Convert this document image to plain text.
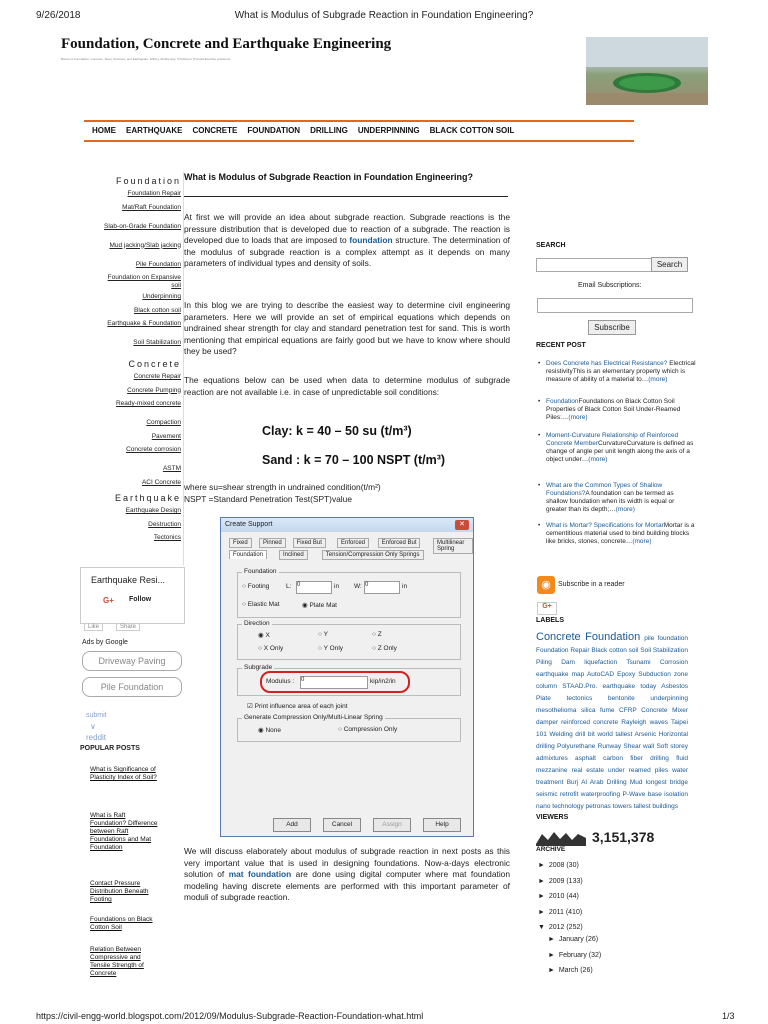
9/26/2018	What is Modulus of Subgrade Reaction in Foundation Engineering?
Foundation, Concrete and Earthquake Engineering
Basics of Foundation, Concrete, Steel, Structure, and Earthquake, Drilling, Mobile App, STAAD.pro (Tutorial Exercise problems)
HOME EARTHQUAKE CONCRETE FOUNDATION DRILLING UNDERPINNING BLACK COTTON SOIL
Foundation
Foundation Repair
Mat/Raft Foundation
Slab-on-Grade Foundation
Mud jacking/Slab jacking
Pile Foundation
Foundation on Expansive soil
Underpinning
Black cotton soil
Earthquake & Foundation
Soil Stabilization
Concrete
Concrete Repair
Concrete Pumping
Ready-mixed concrete
Compaction
Pavement
Concrete corrosion
ASTM
ACI Concrete
Earthquake
Earthquake Design
Destruction
Tectonics
Earthquake Resi...
G+ Follow
Like	Share
Ads by Google
Driveway Paving
Pile Foundation
submit
∨
reddit
POPULAR POSTS
What is Significance of Plasticity Index of Soil?
What is Raft Foundation? Difference between Raft Foundations and Mat Foundation
Contact Pressure Distribution Beneath Footing
Foundations on Black Cotton Soil
Relation Between Compressive and Tensile Strength of Concrete
What is Modulus of Subgrade Reaction in Foundation Engineering?
At first we will provide an idea about subgrade reaction. Subgrade reactions is the pressure distribution that is developed due to reaction of a subgrade. The reaction is developed due to loads that are imposed to foundation structure. The determination of the modulus of subgrade reaction is a complex attempt as it depends on many parameters of individual types and density of soils.
In this blog we are trying to describe the easiest way to determine civil engineering parameters. Here we will provide an set of empirical equations which depends on undrained shear strength for clay and standard penetration test for sand. This is worth mentioning that empirical equations are fairly good but we have to know where should they be used?
The equations below can be used when data to determine modulus of subgrade reaction are not available i.e. in case of unpredictable soil conditions:
Clay: k = 40 – 50 su (t/m³)
Sand : k = 70 – 100 NSPT (t/m³)
where su=shear strength in undrained condition(t/m²)
NSPT =Standard Penetration Test(SPT)value
Create Support	✕
Fixed	Pinned	Fixed But	Enforced	Enforced But	Multilinear Spring
Foundation	Inclined	Tension/Compression Only Springs
Foundation
○ Footing	L: 0	in W: 0	in
○ Elastic Mat	◉ Plate Mat
Direction
◉ X	○ Y	○ Z
○ X Only	○ Y Only	○ Z Only
Subgrade
Modulus : 0	kip/in2/in
☑ Print influence area of each joint
Generate Compression Only/Multi-Linear Spring
◉ None	○ Compression Only
Add	Cancel	Assign	Help
We will discuss elaborately about modulus of subgrade reaction in next posts as this very important value that is used in designing foundations. Now-a-days electronic solution of mat foundation are done using digital computer where mat foundation modeling having discrete elements are performed with this important parameter of moduli of subgrade reaction.
SEARCH
Search
Email Subscriptions:
Subscribe
RECENT POST
• Does Concrete has Electrical Resistance? Electrical resistivityThis is an elementary property which is measure of ability of a material to…(more)
• FoundationFoundations on Black Cotton Soil Properties of Black Cotton Soil Under-Reamed Piles:…(more)
• Moment-Curvature Relationship of Reinforced Concrete MemberCurvatureCurvature is defined as change of angle per unit length along the axis of a object under…(more)
• What are the Common Types of Shallow Foundations?A foundation can be termed as shallow foundation when its width is equal or greater than its depth;…(more)
• What is Mortar? Specifications for MortarMortar is a cementitious material used to bind building blocks like bricks, stones, concrete…(more)
◉	Subscribe in a reader
G+
LABELS
Concrete Foundation pile foundation Foundation Repair Black cotton soil Soil Stabilization Piling Dam liquefaction Tsunami Corrosion earthquake map AutoCAD Epoxy Subduction zone column STAAD.Pro. earthquake today Asbestos Plate tectonics bentonite underpinning mesothelioma silica fume CFRP Concrete Mixer damper reinforced concrete Rayleigh waves Taipei 101 Welding drill bit world tallest Arsenic Horizontal drilling Polyurethane Runway Shear wall Soft storey admixtures asphalt carbon fiber drilling fluid mezzanine real estate under reamed piles water treatment Burj Al Arab Drilling Mud longest bridge seismic retrofit waterproofing P-Wave base isolation nano technology petronas towers tallest buildings
VIEWERS
3,151,378
ARCHIVE
► 2008 (30)
► 2009 (133)
► 2010 (44)
► 2011 (410)
▼ 2012 (252)
► January (26)
► February (32)
► March (26)
https://civil-engg-world.blogspot.com/2012/09/Modulus-Subgrade-Reaction-Foundation-what.html	1/3
